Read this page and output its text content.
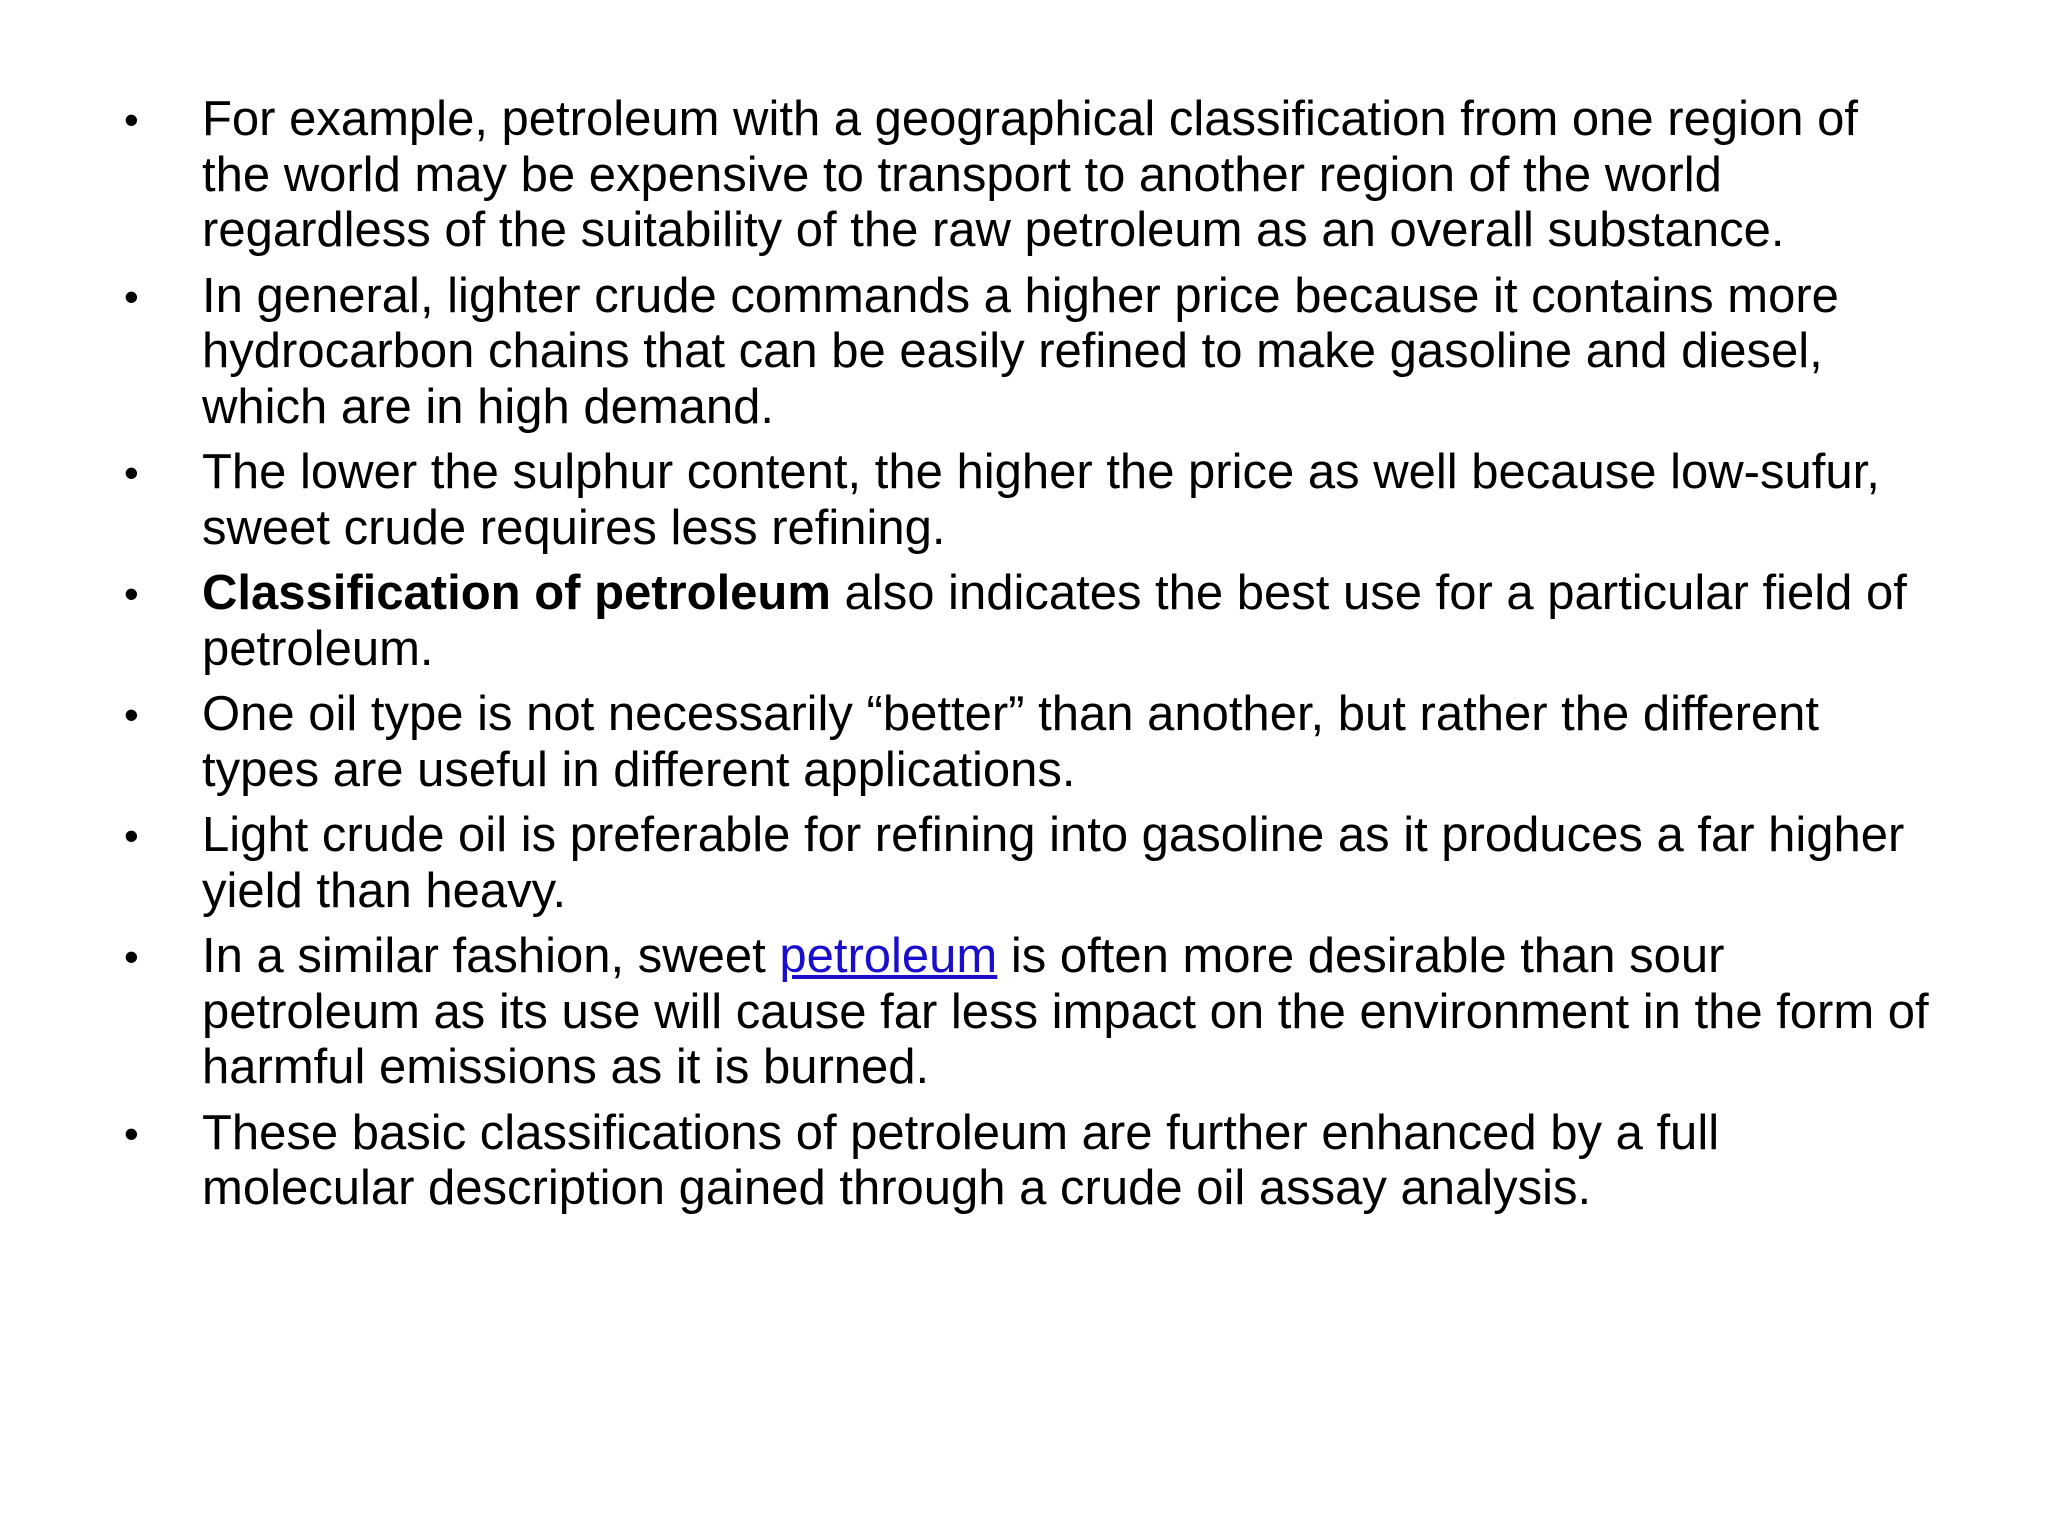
•	For example, petroleum with a geographical classification from one region of the world may be expensive to transport to another region of the world regardless of the suitability of the raw petroleum as an overall substance.
•	In general, lighter crude commands a higher price because it contains more hydrocarbon chains that can be easily refined to make gasoline and diesel, which are in high demand.
•	The lower the sulphur content, the higher the price as well because low-sufur, sweet crude requires less refining.
•	Classification of petroleum also indicates the best use for a particular field of petroleum.
•	One oil type is not necessarily “better” than another, but rather the different types are useful in different applications.
•	Light crude oil is preferable for refining into gasoline as it produces a far higher yield than heavy.
•	In a similar fashion, sweet petroleum is often more desirable than sour petroleum as its use will cause far less impact on the environment in the form of harmful emissions as it is burned.
•	These basic classifications of petroleum are further enhanced by a full molecular description gained through a crude oil assay analysis.
